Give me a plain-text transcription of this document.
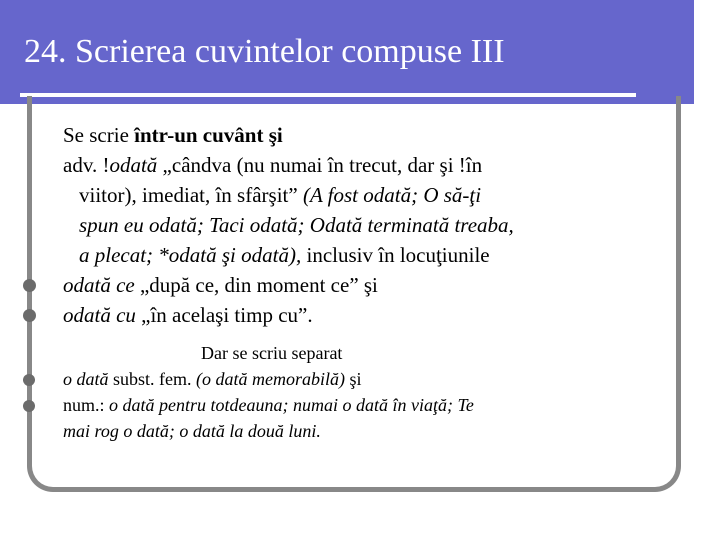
24. Scrierea cuvintelor compuse III
Se scrie într-un cuvânt şi
adv. !odată „cândva (nu numai în trecut, dar şi !în
viitor), imediat, în sfârşit” (A fost odată; O să-ţi
spun eu odată; Taci odată; Odată terminată treaba,
a plecat; *odată şi odată), inclusiv în locuţiunile
odată ce „după ce, din moment ce” şi
odată cu „în acelaşi timp cu”.
Dar se scriu separat
o dată subst. fem. (o dată memorabilă) şi
num.: o dată pentru totdeauna; numai o dată în viaţă; Te
mai rog o dată; o dată la două luni.
